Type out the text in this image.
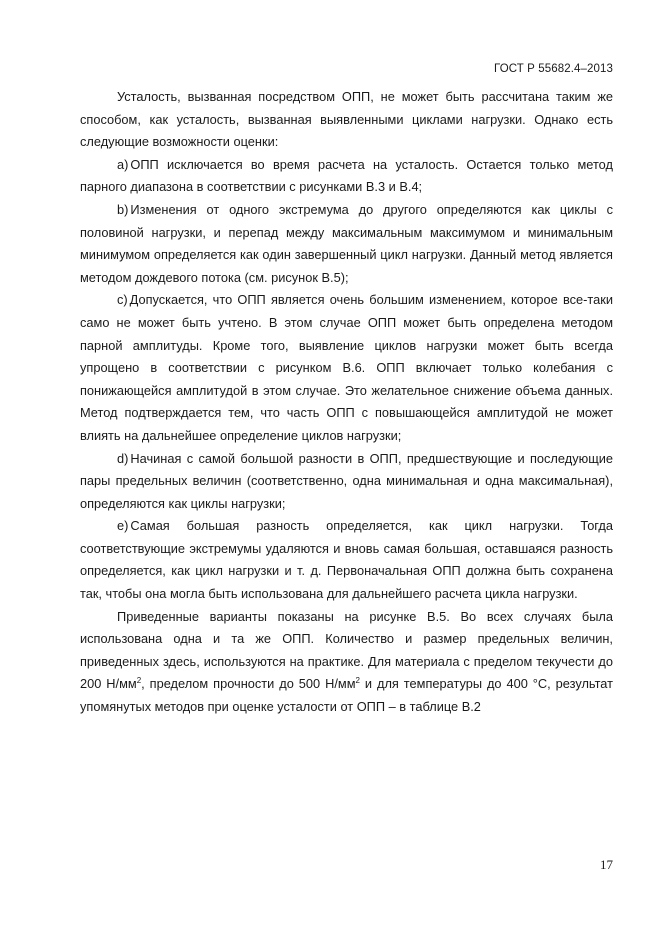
ГОСТ Р 55682.4–2013

Усталость, вызванная посредством ОПП, не может быть рассчитана таким же способом, как усталость, вызванная выявленными циклами нагрузки. Однако есть следующие возможности оценки:

a) ОПП исключается во время расчета на усталость. Остается только метод парного диапазона в соответствии с рисунками В.3 и В.4;

b) Изменения от одного экстремума до другого определяются как циклы с половиной нагрузки, и перепад между максимальным максимумом и минимальным минимумом определяется как один завершенный цикл нагрузки. Данный метод является методом дождевого потока (см. рисунок В.5);

c) Допускается, что ОПП является очень большим изменением, которое все-таки само не может быть учтено. В этом случае ОПП может быть определена методом парной амплитуды. Кроме того, выявление циклов нагрузки может быть всегда упрощено в соответствии с рисунком В.6. ОПП включает только колебания с понижающейся амплитудой в этом случае. Это желательное снижение объема данных. Метод подтверждается тем, что часть ОПП с повышающейся амплитудой не может влиять на дальнейшее определение циклов нагрузки;

d) Начиная с самой большой разности в ОПП, предшествующие и последующие пары предельных величин (соответственно, одна минимальная и одна максимальная), определяются как циклы нагрузки;

e) Самая большая разность определяется, как цикл нагрузки. Тогда соответствующие экстремумы удаляются и вновь самая большая, оставшаяся разность определяется, как цикл нагрузки и т. д. Первоначальная ОПП должна быть сохранена так, чтобы она могла быть использована для дальнейшего расчета цикла нагрузки.

Приведенные варианты показаны на рисунке В.5. Во всех случаях была использована одна и та же ОПП. Количество и размер предельных величин, приведенных здесь, используются на практике. Для материала с пределом текучести до 200 $Н/мм^2$, пределом прочности до 500 $Н/мм^2$ и для температуры до 400 °С, результат упомянутых методов при оценке усталости от ОПП – в таблице В.2

17
